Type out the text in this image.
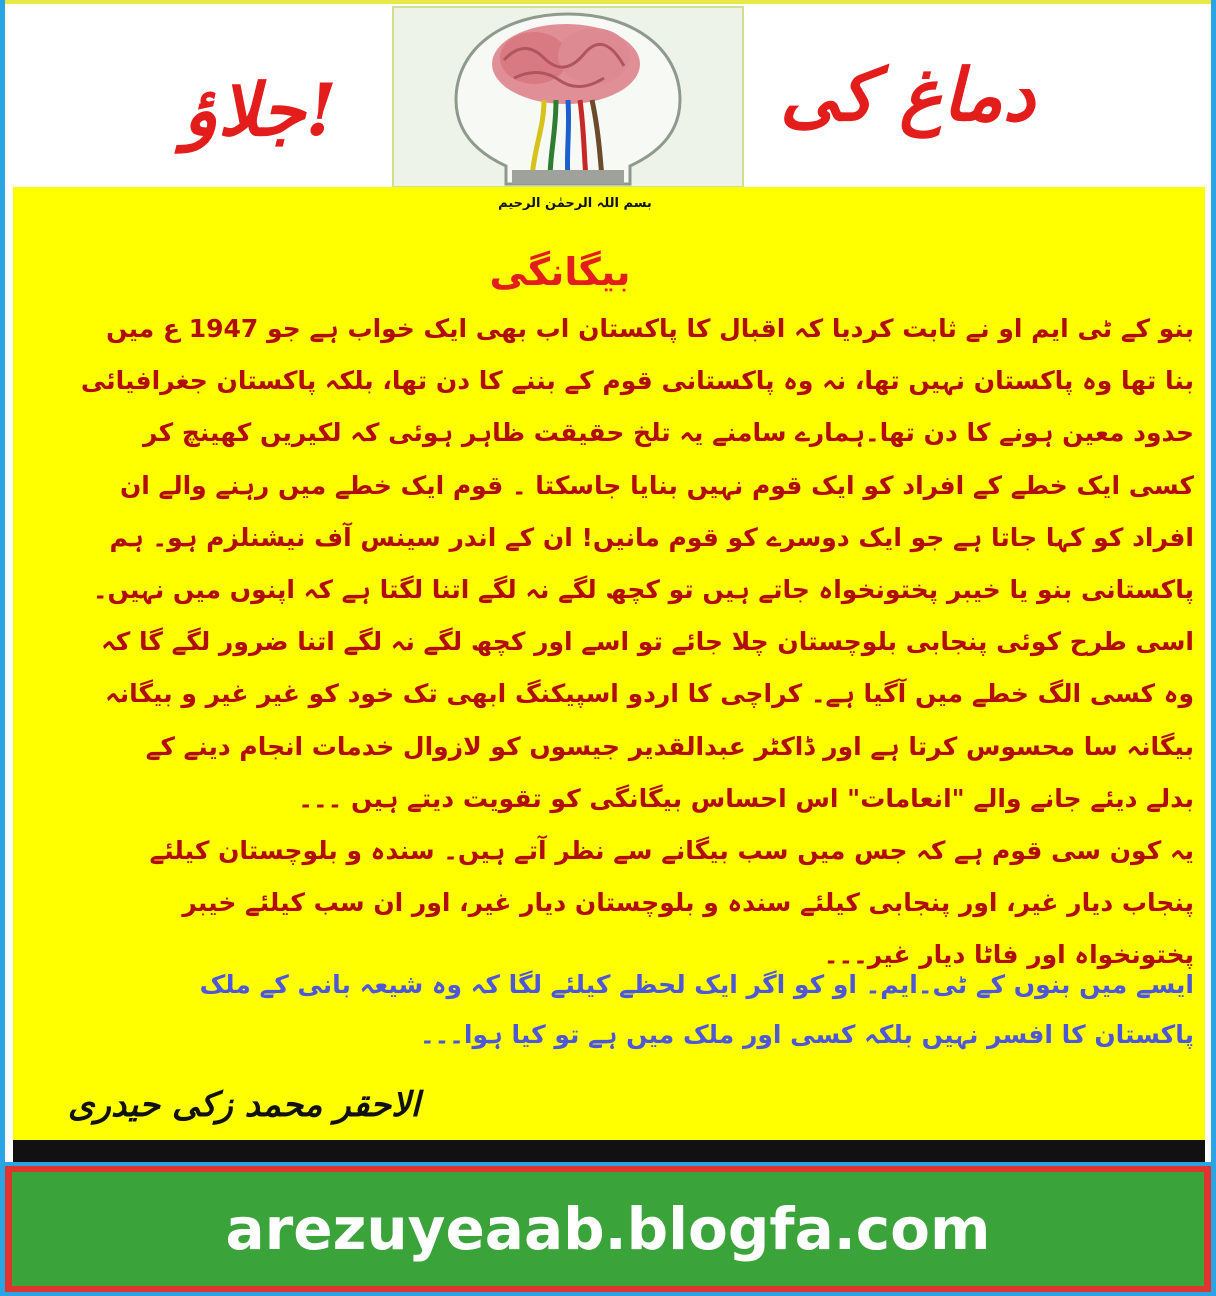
جلاؤ!	دماغ کی
بسم اللہ الرحمٰن الرحیم
بیگانگی
بنو کے ٹی ایم او نے ثابت کردیا کہ اقبال کا پاکستان اب بھی ایک خواب ہے جو 1947 ع میں
بنا تھا وہ پاکستان نہیں تھا، نہ وہ پاکستانی قوم کے بننے کا دن تھا، بلکہ پاکستان جغرافیائی
حدود معین ہونے کا دن تھا۔ہمارے سامنے یہ تلخ حقیقت ظاہر ہوئی کہ لکیریں کھینچ کر
کسی ایک خطے کے افراد کو ایک قوم نہیں بنایا جاسکتا ۔ قوم ایک خطے میں رہنے والے ان
افراد کو کہا جاتا ہے جو ایک دوسرے کو قوم مانیں! ان کے اندر سینس آف نیشنلزم ہو۔ ہم
پاکستانی بنو یا خیبر پختونخواہ جاتے ہیں تو کچھ لگے نہ لگے اتنا لگتا ہے کہ اپنوں میں نہیں۔
اسی طرح کوئی پنجابی بلوچستان چلا جائے تو اسے اور کچھ لگے نہ لگے اتنا ضرور لگے گا کہ
وہ کسی الگ خطے میں آگیا ہے۔ کراچی کا اردو اسپیکنگ ابھی تک خود کو غیر غیر و بیگانہ
بیگانہ سا محسوس کرتا ہے اور ڈاکٹر عبدالقدیر جیسوں کو لازوال خدمات انجام دینے کے
بدلے دیئے جانے والے "انعامات" اس احساس بیگانگی کو تقویت دیتے ہیں ۔۔۔
یہ کون سی قوم ہے کہ جس میں سب بیگانے سے نظر آتے ہیں۔ سندہ و بلوچستان کیلئے
پنجاب دیار غیر، اور پنجابی کیلئے سندہ و بلوچستان دیار غیر، اور ان سب کیلئے خیبر
پختونخواہ اور فاٹا دیار غیر۔۔۔
ایسے میں بنوں کے ٹی۔ایم۔ او کو اگر ایک لحظے کیلئے لگا کہ وہ شیعہ بانی کے ملک
پاکستان کا افسر نہیں بلکہ کسی اور ملک میں ہے تو کیا ہوا۔۔۔
الاحقر محمد زکی حیدری
arezuyeaab.blogfa.com
